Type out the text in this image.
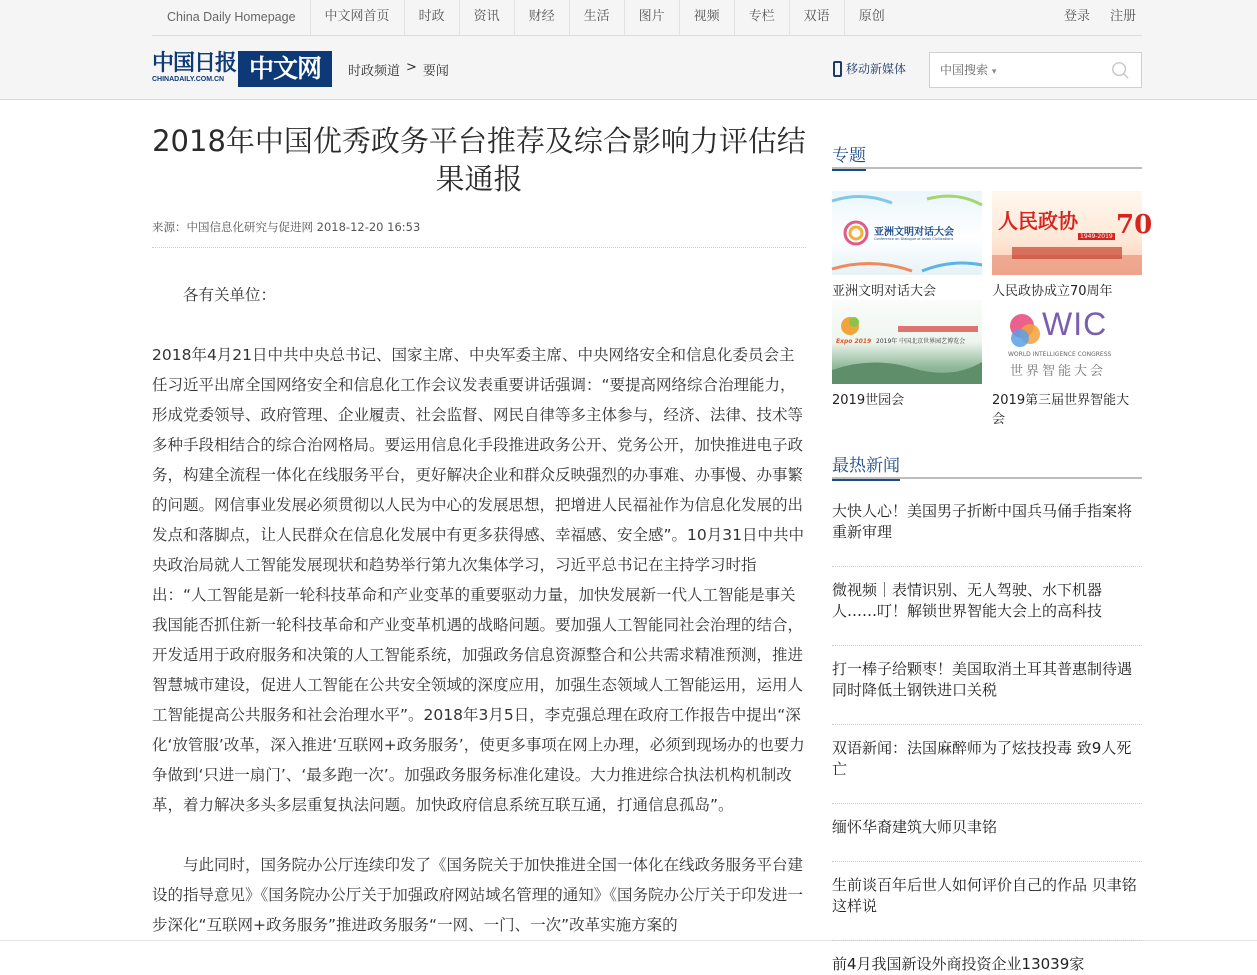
China Daily Homepage	中文网首页	时政	资讯	财经	生活	图片	视频	专栏	双语	原创	登录 注册
中国日报
CHINADAILY.COM.CN 中文网	时政频道 > 要闻	移动新媒体	中国搜索 ▾
2018年中国优秀政务平台推荐及综合影响力评估结果通报
来源：中国信息化研究与促进网 2018-12-20 16:53

各有关单位：

2018年4月21日中共中央总书记、国家主席、中央军委主席、中央网络安全和信息化委员会主任习近平出席全国网络安全和信息化工作会议发表重要讲话强调：“要提高网络综合治理能力，形成党委领导、政府管理、企业履责、社会监督、网民自律等多主体参与，经济、法律、技术等多种手段相结合的综合治网格局。要运用信息化手段推进政务公开、党务公开，加快推进电子政务，构建全流程一体化在线服务平台，更好解决企业和群众反映强烈的办事难、办事慢、办事繁的问题。网信事业发展必须贯彻以人民为中心的发展思想，把增进人民福祉作为信息化发展的出发点和落脚点，让人民群众在信息化发展中有更多获得感、幸福感、安全感”。10月31日中共中央政治局就人工智能发展现状和趋势举行第九次集体学习，习近平总书记在主持学习时指出：“人工智能是新一轮科技革命和产业变革的重要驱动力量，加快发展新一代人工智能是事关我国能否抓住新一轮科技革命和产业变革机遇的战略问题。要加强人工智能同社会治理的结合，开发适用于政府服务和决策的人工智能系统，加强政务信息资源整合和公共需求精准预测，推进智慧城市建设，促进人工智能在公共安全领域的深度应用，加强生态领域人工智能运用，运用人工智能提高公共服务和社会治理水平”。2018年3月5日，李克强总理在政府工作报告中提出“深化‘放管服’改革，深入推进‘互联网+政务服务’，使更多事项在网上办理，必须到现场办的也要力争做到‘只进一扇门’、‘最多跑一次’。加强政务服务标准化建设。大力推进综合执法机构机制改革，着力解决多头多层重复执法问题。加快政府信息系统互联互通，打通信息孤岛”。

与此同时，国务院办公厅连续印发了《国务院关于加快推进全国一体化在线政务服务平台建设的指导意见》《国务院办公厅关于加强政府网站域名管理的通知》《国务院办公厅关于印发进一步深化“互联网+政务服务”推进政务服务“一网、一门、一次”改革实施方案的

专题
亚洲文明对话大会
Conference on Dialogue of Asian Civilizations
亚洲文明对话大会
70
人民政协
1949-2019
人民政协成立70周年
2019年 中国北京世界园艺博览会
Expo 2019
2019世园会
WIC
WORLD INTELLIGENCE CONGRESS
世界智能大会
2019第三届世界智能大会
最热新闻
大快人心！美国男子折断中国兵马俑手指案将重新审理
微视频｜表情识别、无人驾驶、水下机器人……叮！解锁世界智能大会上的高科技
打一棒子给颗枣！美国取消土耳其普惠制待遇 同时降低土钢铁进口关税
双语新闻：法国麻醉师为了炫技投毒 致9人死亡
缅怀华裔建筑大师贝聿铭
生前谈百年后世人如何评价自己的作品 贝聿铭这样说
前4月我国新设外商投资企业13039家
